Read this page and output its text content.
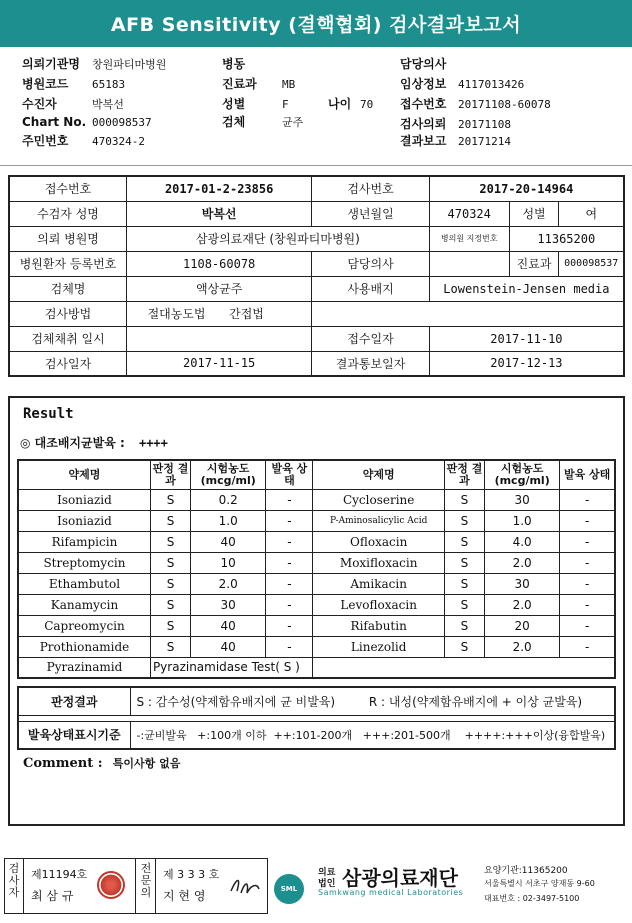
AFB Sensitivity (결핵협회) 검사결과보고서
의뢰기관명 창원파티마병원
병원코드 65183
수진자	박복선
Chart No. 000098537
주민번호 470324-2
병동
진료과 MB
성별	F	나이 70
검체	균주
담당의사
임상정보 4117013426
접수번호 20171108-60078
검사의뢰 20171108
결과보고 20171214
접수번호	2017-01-2-23856		검사번호	2017-20-14964		
수검자 성명	박복선		생년월일	470324	성별	여
의뢰 병원명	삼광의료재단 (창원파티마병원)			병의원 지정번호	11365200	
병원환자 등록번호	1108-60078		담당의사		진료과	000098537
검체명	액상균주		사용배지	Lowenstein-Jensen media		
검사방법	절대농도법	간접법				
검체채취 일시			접수일자	2017-11-10		
검사일자	2017-11-15		결과통보일자	2017-12-13		
Result
◎ 대조배지균발육 : ++++
약제명	판정 결과	시험농도 (mcg/ml)	발육 상태	약제명	판정 결과	시험농도 (mcg/ml)	발육 상태
Isoniazid	S	0.2	-	Cycloserine	S	30	-
Isoniazid	S	1.0	-	P-Aminosalicylic Acid	S	1.0	-
Rifampicin	S	40	-	Ofloxacin	S	4.0	-
Streptomycin	S	10	-	Moxifloxacin	S	2.0	-
Ethambutol	S	2.0	-	Amikacin	S	30	-
Kanamycin	S	30	-	Levofloxacin	S	2.0	-
Capreomycin	S	40	-	Rifabutin	S	20	-
Prothionamide	S	40	-	Linezolid	S	2.0	-
Pyrazinamid	Pyrazinamidase Test( S )						
판정결과	S : 감수성(약제함유배지에 균 비발육) R : 내성(약제함유배지에 + 이상 균발육)

발육상태표시기준	-:균비발육   +:100개 이하  ++:101-200개   +++:201-500개    ++++:+++이상(융합발육)
Comment : 특이사항 없음
검사자
제11194호
최 삼 규
전문의
제 3 3 3 호
지 현 영	SML
의료 법인 삼광의료재단
Samkwang medical Laboratories
요양기관:11365200
서울특별시 서초구 양재동 9-60
대표번호 : 02-3497-5100
